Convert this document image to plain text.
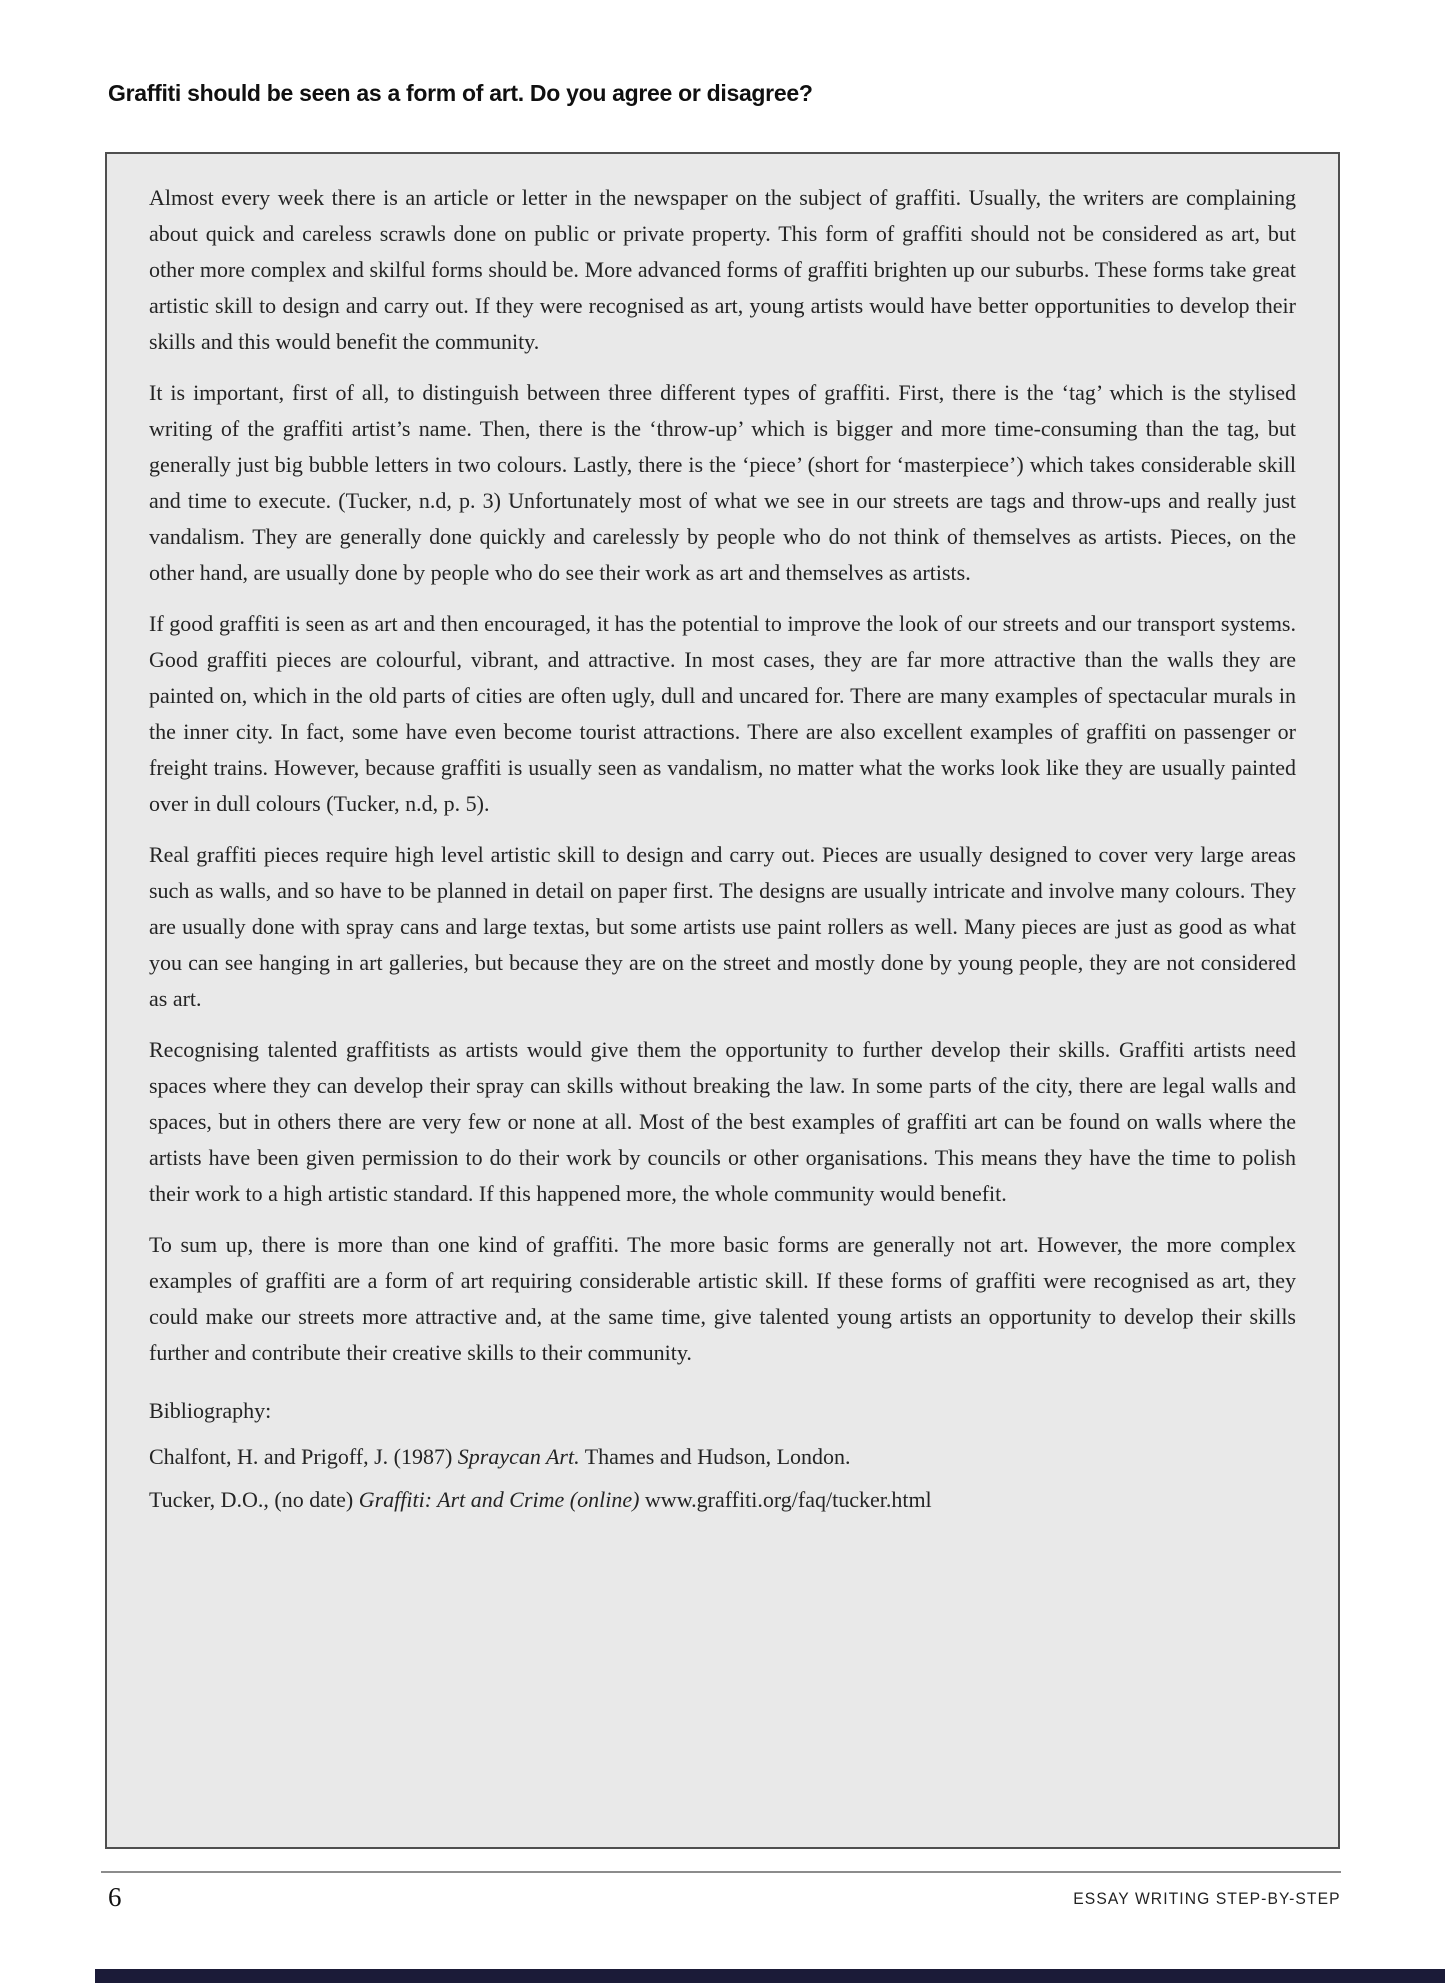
Graffiti should be seen as a form of art. Do you agree or disagree?

Almost every week there is an article or letter in the newspaper on the subject of graffiti. Usually, the writers are complaining about quick and careless scrawls done on public or private property. This form of graffiti should not be considered as art, but other more complex and skilful forms should be. More advanced forms of graffiti brighten up our suburbs. These forms take great artistic skill to design and carry out. If they were recognised as art, young artists would have better opportunities to develop their skills and this would benefit the community.

It is important, first of all, to distinguish between three different types of graffiti. First, there is the ‘tag’ which is the stylised writing of the graffiti artist’s name. Then, there is the ‘throw-up’ which is bigger and more time-consuming than the tag, but generally just big bubble letters in two colours. Lastly, there is the ‘piece’ (short for ‘masterpiece’) which takes considerable skill and time to execute. (Tucker, n.d, p. 3) Unfortunately most of what we see in our streets are tags and throw-ups and really just vandalism. They are generally done quickly and carelessly by people who do not think of themselves as artists. Pieces, on the other hand, are usually done by people who do see their work as art and themselves as artists.

If good graffiti is seen as art and then encouraged, it has the potential to improve the look of our streets and our transport systems. Good graffiti pieces are colourful, vibrant, and attractive. In most cases, they are far more attractive than the walls they are painted on, which in the old parts of cities are often ugly, dull and uncared for. There are many examples of spectacular murals in the inner city. In fact, some have even become tourist attractions. There are also excellent examples of graffiti on passenger or freight trains. However, because graffiti is usually seen as vandalism, no matter what the works look like they are usually painted over in dull colours (Tucker, n.d, p. 5).

Real graffiti pieces require high level artistic skill to design and carry out. Pieces are usually designed to cover very large areas such as walls, and so have to be planned in detail on paper first. The designs are usually intricate and involve many colours. They are usually done with spray cans and large textas, but some artists use paint rollers as well. Many pieces are just as good as what you can see hanging in art galleries, but because they are on the street and mostly done by young people, they are not considered as art.

Recognising talented graffitists as artists would give them the opportunity to further develop their skills. Graffiti artists need spaces where they can develop their spray can skills without breaking the law. In some parts of the city, there are legal walls and spaces, but in others there are very few or none at all. Most of the best examples of graffiti art can be found on walls where the artists have been given permission to do their work by councils or other organisations. This means they have the time to polish their work to a high artistic standard. If this happened more, the whole community would benefit.

To sum up, there is more than one kind of graffiti. The more basic forms are generally not art. However, the more complex examples of graffiti are a form of art requiring considerable artistic skill. If these forms of graffiti were recognised as art, they could make our streets more attractive and, at the same time, give talented young artists an opportunity to develop their skills further and contribute their creative skills to their community.

Bibliography:

Chalfont, H. and Prigoff, J. (1987) Spraycan Art. Thames and Hudson, London.

Tucker, D.O., (no date) Graffiti: Art and Crime (online) www.graffiti.org/faq/tucker.html

6	ESSAY WRITING STEP-BY-STEP
